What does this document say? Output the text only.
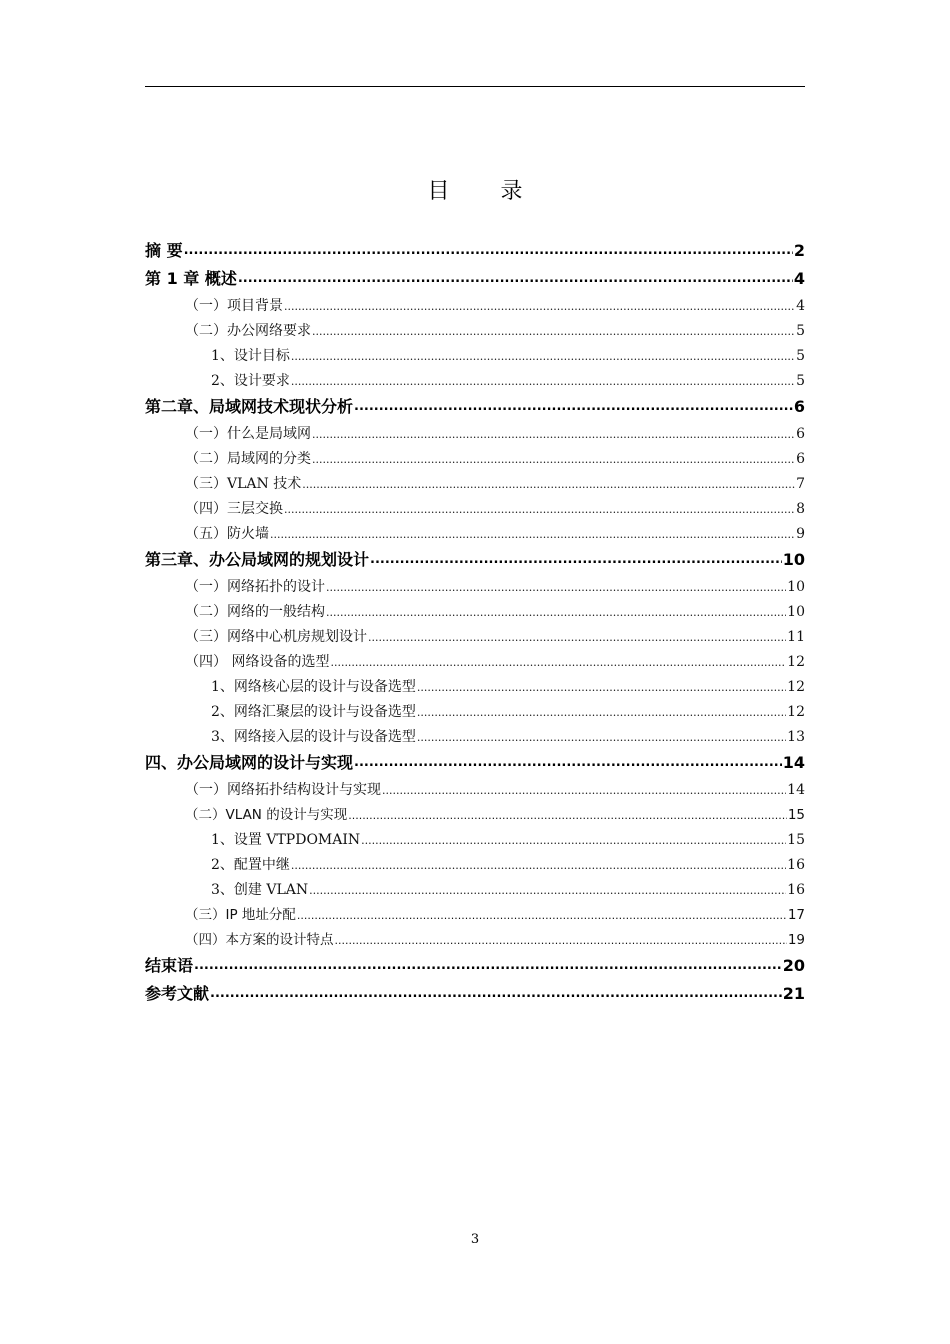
目 录
摘 要 .....	2
第 1 章 概述 .....	4
（一）项目背景 .....	4
（二）办公网络要求 .....	5
1、设计目标 .....	5
2、设计要求 .....	5
第二章、局域网技术现状分析 .....	6
（一）什么是局域网 .....	6
（二）局域网的分类 .....	6
（三）VLAN 技术 .....	7
（四）三层交换 .....	8
（五）防火墙 .....	9
第三章、办公局域网的规划设计 .....	10
（一）网络拓扑的设计 .....	10
（二）网络的一般结构 .....	10
（三）网络中心机房规划设计 .....	11
（四） 网络设备的选型 .....	12
1、网络核心层的设计与设备选型 .....	12
2、网络汇聚层的设计与设备选型 .....	12
3、网络接入层的设计与设备选型 .....	13
四、办公局域网的设计与实现 .....	14
（一）网络拓扑结构设计与实现 .....	14
（二）VLAN 的设计与实现 .....	15
1、设置 VTPDOMAIN .....	15
2、配置中继 .....	16
3、创建 VLAN .....	16
（三）IP 地址分配 .....	17
（四）本方案的设计特点 .....	19
结束语 .....	20
参考文献 .....	21
3
